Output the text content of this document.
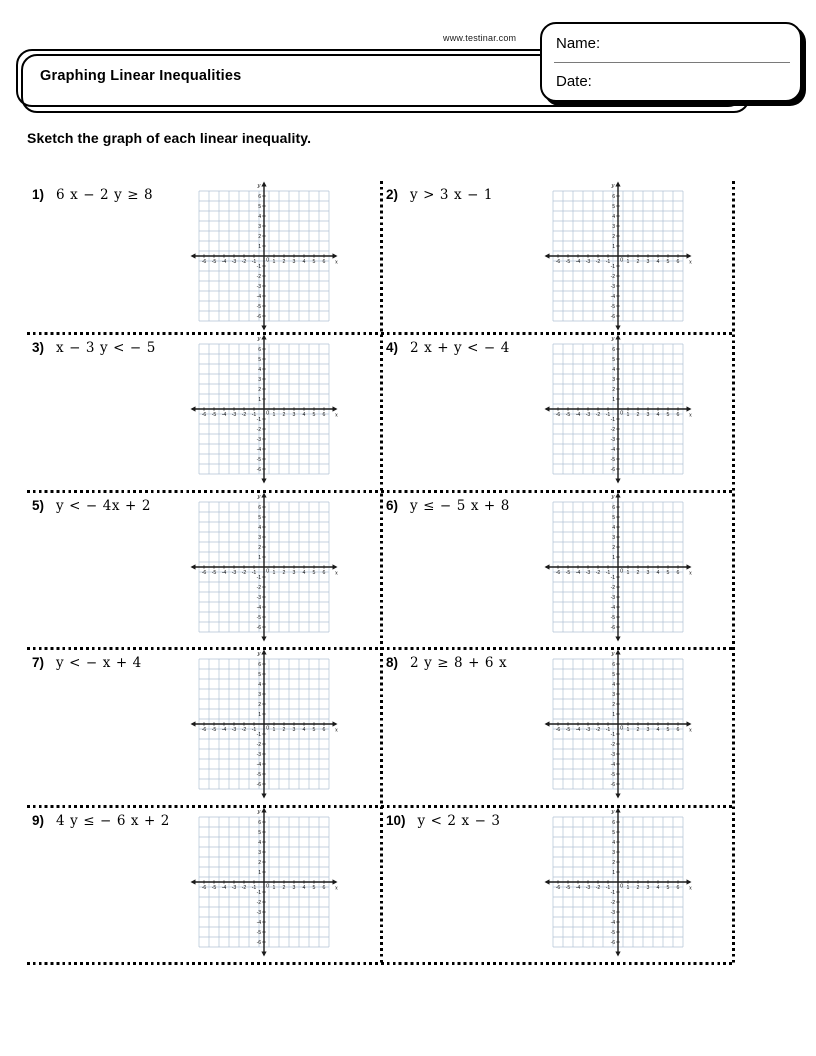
www.testinar.com
Graphing Linear Inequalities
Name:
Date:
Sketch the graph of each linear inequality.
1) 6 x − 2 y ≥ 8
-6 -5 -4 -3 -2 -1	1 2 3 4 5 6
-6
-5
-4
-3
-2
-1
1
2
3
4
5
6
0
y
x
2) y > 3 x − 1
-6 -5 -4 -3 -2 -1	1 2 3 4 5 6
-6
-5
-4
-3
-2
-1
1
2
3
4
5
6
0
y
x
3) x − 3 y < − 5
-6 -5 -4 -3 -2 -1	1 2 3 4 5 6
-6
-5
-4
-3
-2
-1
1
2
3
4
5
6
0
y
x
4) 2 x + y < − 4
-6 -5 -4 -3 -2 -1	1 2 3 4 5 6
-6
-5
-4
-3
-2
-1
1
2
3
4
5
6
0
y
x
5) y < − 4x + 2
-6 -5 -4 -3 -2 -1	1 2 3 4 5 6
-6
-5
-4
-3
-2
-1
1
2
3
4
5
6
0
y
x
6) y ≤ − 5 x + 8
-6 -5 -4 -3 -2 -1	1 2 3 4 5 6
-6
-5
-4
-3
-2
-1
1
2
3
4
5
6
0
y
x
7) y < − x + 4
-6 -5 -4 -3 -2 -1	1 2 3 4 5 6
-6
-5
-4
-3
-2
-1
1
2
3
4
5
6
0
y
x
8) 2 y ≥ 8 + 6 x
-6 -5 -4 -3 -2 -1	1 2 3 4 5 6
-6
-5
-4
-3
-2
-1
1
2
3
4
5
6
0
y
x
9) 4 y ≤ − 6 x + 2
-6 -5 -4 -3 -2 -1	1 2 3 4 5 6
-6
-5
-4
-3
-2
-1
1
2
3
4
5
6
0
y
x
10) y < 2 x − 3
-6 -5 -4 -3 -2 -1	1 2 3 4 5 6
-6
-5
-4
-3
-2
-1
1
2
3
4
5
6
0
y
x
